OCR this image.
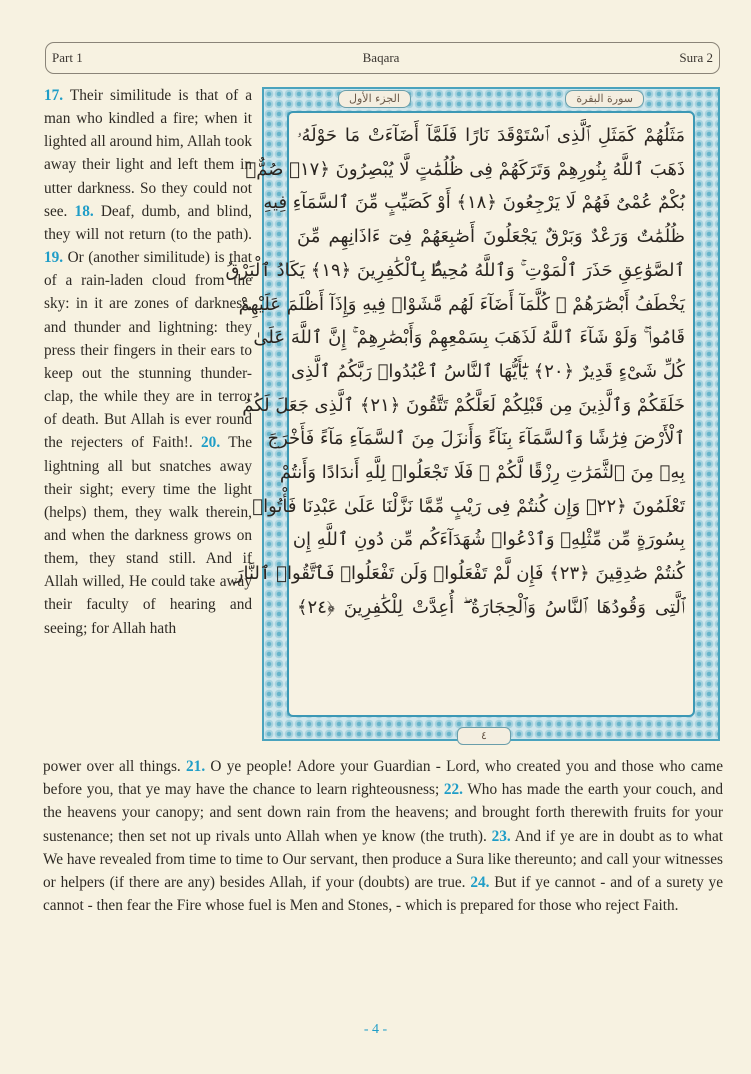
Part 1	Baqara	Sura 2
الجزء الأول	سورة البقرة
مَثَلُهُمْ كَمَثَلِ ٱلَّذِى ٱسْتَوْقَدَ نَارًا فَلَمَّآ أَضَآءَتْ مَا حَوْلَهُۥ
ذَهَبَ ٱللَّهُ بِنُورِهِمْ وَتَرَكَهُمْ فِى ظُلُمَٰتٍ لَّا يُبْصِرُونَ ﴿١٧﴾ صُمٌّۢ
بُكْمٌ عُمْىٌ فَهُمْ لَا يَرْجِعُونَ ﴿١٨﴾ أَوْ كَصَيِّبٍ مِّنَ ٱلسَّمَآءِ فِيهِ
ظُلُمَٰتٌ وَرَعْدٌ وَبَرْقٌ يَجْعَلُونَ أَصَٰبِعَهُمْ فِىٓ ءَاذَانِهِم مِّنَ
ٱلصَّوَٰعِقِ حَذَرَ ٱلْمَوْتِ ۚ وَٱللَّهُ مُحِيطٌۢ بِٱلْكَٰفِرِينَ ﴿١٩﴾ يَكَادُ ٱلْبَرْقُ
يَخْطَفُ أَبْصَٰرَهُمْ ۖ كُلَّمَآ أَضَآءَ لَهُم مَّشَوْا۟ فِيهِ وَإِذَآ أَظْلَمَ عَلَيْهِمْ
قَامُوا۟ ۚ وَلَوْ شَآءَ ٱللَّهُ لَذَهَبَ بِسَمْعِهِمْ وَأَبْصَٰرِهِمْ ۚ إِنَّ ٱللَّهَ عَلَىٰ
كُلِّ شَىْءٍ قَدِيرٌ ﴿٢٠﴾ يَٰٓأَيُّهَا ٱلنَّاسُ ٱعْبُدُوا۟ رَبَّكُمُ ٱلَّذِى
خَلَقَكُمْ وَٱلَّذِينَ مِن قَبْلِكُمْ لَعَلَّكُمْ تَتَّقُونَ ﴿٢١﴾ ٱلَّذِى جَعَلَ لَكُمُ
ٱلْأَرْضَ فِرَٰشًا وَٱلسَّمَآءَ بِنَآءً وَأَنزَلَ مِنَ ٱلسَّمَآءِ مَآءً فَأَخْرَجَ
بِهِۦ مِنَ ٱلثَّمَرَٰتِ رِزْقًا لَّكُمْ ۖ فَلَا تَجْعَلُوا۟ لِلَّهِ أَندَادًا وَأَنتُمْ
تَعْلَمُونَ ﴿٢٢﴾ وَإِن كُنتُمْ فِى رَيْبٍ مِّمَّا نَزَّلْنَا عَلَىٰ عَبْدِنَا فَأْتُوا۟
بِسُورَةٍ مِّن مِّثْلِهِۦ وَٱدْعُوا۟ شُهَدَآءَكُم مِّن دُونِ ٱللَّهِ إِن
كُنتُمْ صَٰدِقِينَ ﴿٢٣﴾ فَإِن لَّمْ تَفْعَلُوا۟ وَلَن تَفْعَلُوا۟ فَٱتَّقُوا۟ ٱلنَّارَ
ٱلَّتِى وَقُودُهَا ٱلنَّاسُ وَٱلْحِجَارَةُ ۖ أُعِدَّتْ لِلْكَٰفِرِينَ ﴿٢٤﴾
٤
17. Their similitude is that of a man who kindled a fire; when it lighted all around him, Allah took away their light and left them in utter darkness. So they could not see. 18. Deaf, dumb, and blind, they will not return (to the path). 19. Or (another similitude) is that of a rain-laden cloud from the sky: in it are zones of darkness, and thunder and lightning: they press their fingers in their ears to keep out the stunning thunder-clap, the while they are in terror of death. But Allah is ever round the rejecters of Faith!. 20. The lightning all but snatches away their sight; every time the light (helps) them, they walk therein, and when the darkness grows on them, they stand still. And if Allah willed, He could take away their faculty of hearing and seeing; for Allah hath
power over all things. 21. O ye people! Adore your Guardian - Lord, who created you and those who came before you, that ye may have the chance to learn righteousness; 22. Who has made the earth your couch, and the heavens your canopy; and sent down rain from the heavens; and brought forth therewith fruits for your sustenance; then set not up rivals unto Allah when ye know (the truth). 23. And if ye are in doubt as to what We have revealed from time to time to Our servant, then produce a Sura like thereunto; and call your witnesses or helpers (if there are any) besides Allah, if your (doubts) are true. 24. But if ye cannot - and of a surety ye cannot - then fear the Fire whose fuel is Men and Stones, - which is prepared for those who reject Faith.
- 4 -
